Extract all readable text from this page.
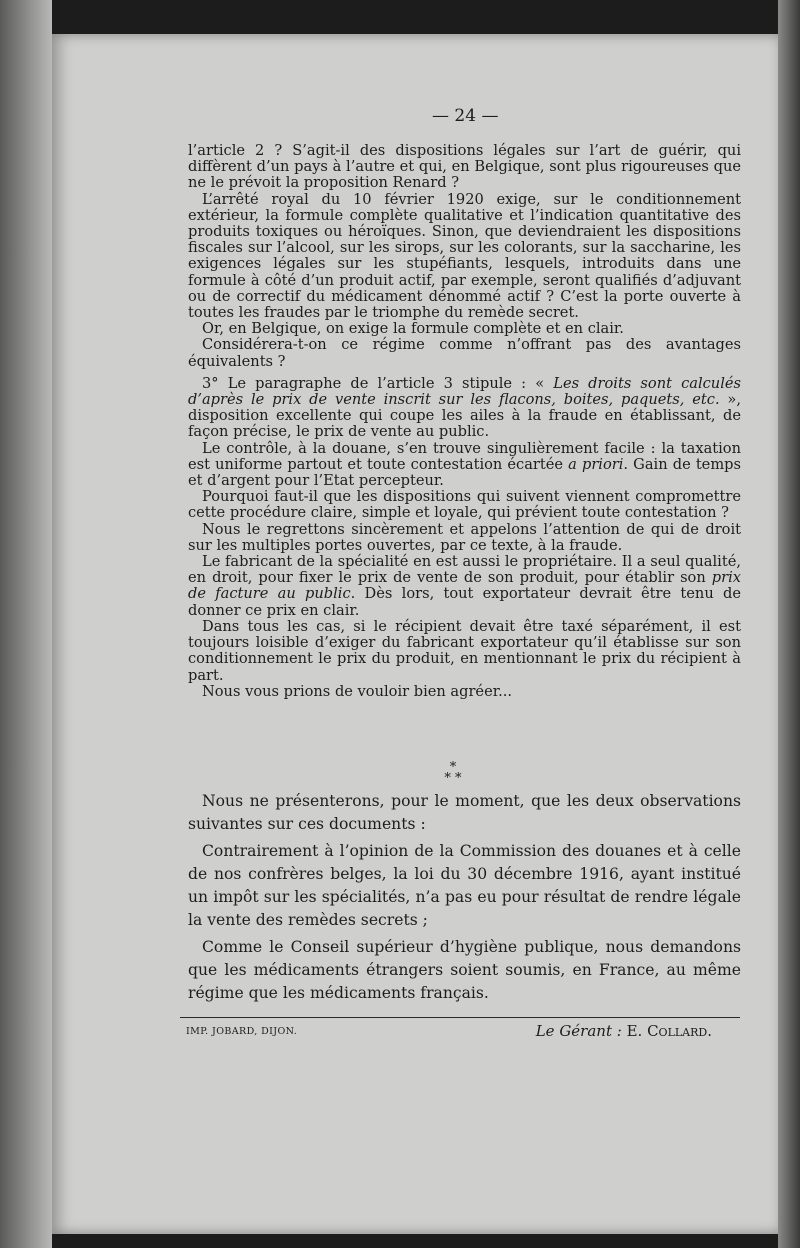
— 24 —

l’article 2 ? S’agit-il des dispositions légales sur l’art de guérir, qui diffèrent d’un pays à l’autre et qui, en Belgique, sont plus rigoureuses que ne le prévoit la proposition Renard ?

L’arrêté royal du 10 février 1920 exige, sur le conditionnement extérieur, la formule complète qualitative et l’indication quantitative des produits toxiques ou héroïques. Sinon, que deviendraient les dispositions fiscales sur l’alcool, sur les sirops, sur les colorants, sur la saccharine, les exigences légales sur les stupéfiants, lesquels, introduits dans une formule à côté d’un produit actif, par exemple, seront qualifiés d’adjuvant ou de correctif du médicament dénommé actif ? C’est la porte ouverte à toutes les fraudes par le triomphe du remède secret.

Or, en Belgique, on exige la formule complète et en clair.

Considérera-t-on ce régime comme n’offrant pas des avantages équivalents ?

3° Le paragraphe de l’article 3 stipule : « Les droits sont calculés d’après le prix de vente inscrit sur les flacons, boites, paquets, etc. », disposition excellente qui coupe les ailes à la fraude en établissant, de façon précise, le prix de vente au public.

Le contrôle, à la douane, s’en trouve singulièrement facile : la taxation est uniforme partout et toute contestation écartée a priori. Gain de temps et d’argent pour l’Etat percepteur.

Pourquoi faut-il que les dispositions qui suivent viennent compromettre cette procédure claire, simple et loyale, qui prévient toute contestation ?

Nous le regrettons sincèrement et appelons l’attention de qui de droit sur les multiples portes ouvertes, par ce texte, à la fraude.

Le fabricant de la spécialité en est aussi le propriétaire. Il a seul qualité, en droit, pour fixer le prix de vente de son produit, pour établir son prix de facture au public. Dès lors, tout exportateur devrait être tenu de donner ce prix en clair.

Dans tous les cas, si le récipient devait être taxé séparément, il est toujours loisible d’exiger du fabricant exportateur qu’il établisse sur son conditionnement le prix du produit, en mentionnant le prix du récipient à part.

Nous vous prions de vouloir bien agréer...

*
* *

Nous ne présenterons, pour le moment, que les deux observations suivantes sur ces documents :

Contrairement à l’opinion de la Commission des douanes et à celle de nos confrères belges, la loi du 30 décembre 1916, ayant institué un impôt sur les spécialités, n’a pas eu pour résultat de rendre légale la vente des remèdes secrets ;

Comme le Conseil supérieur d’hygiène publique, nous demandons que les médicaments étrangers soient soumis, en France, au même régime que les médicaments français.

IMP. JOBARD, DIJON.	Le Gérant : E. Collard.
